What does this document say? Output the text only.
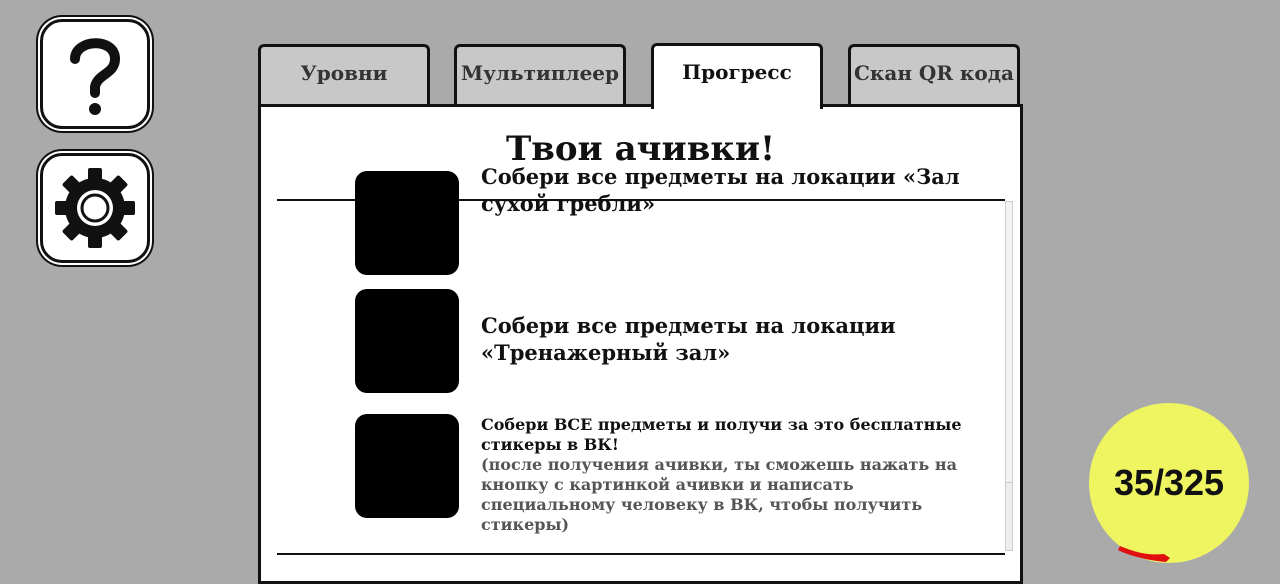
Уровни	Мультиплеер	Прогресс	Скан QR кода
Твои ачивки!
Собери все предметы на локации «Зал сухой гребли»
Собери все предметы на локации «Тренажерный зал»
Собери ВСЕ предметы и получи за это бесплатные стикеры в ВК!
(после получения ачивки, ты сможешь нажать на кнопку с картинкой ачивки и написать специальному человеку в ВК, чтобы получить стикеры)
35/325
